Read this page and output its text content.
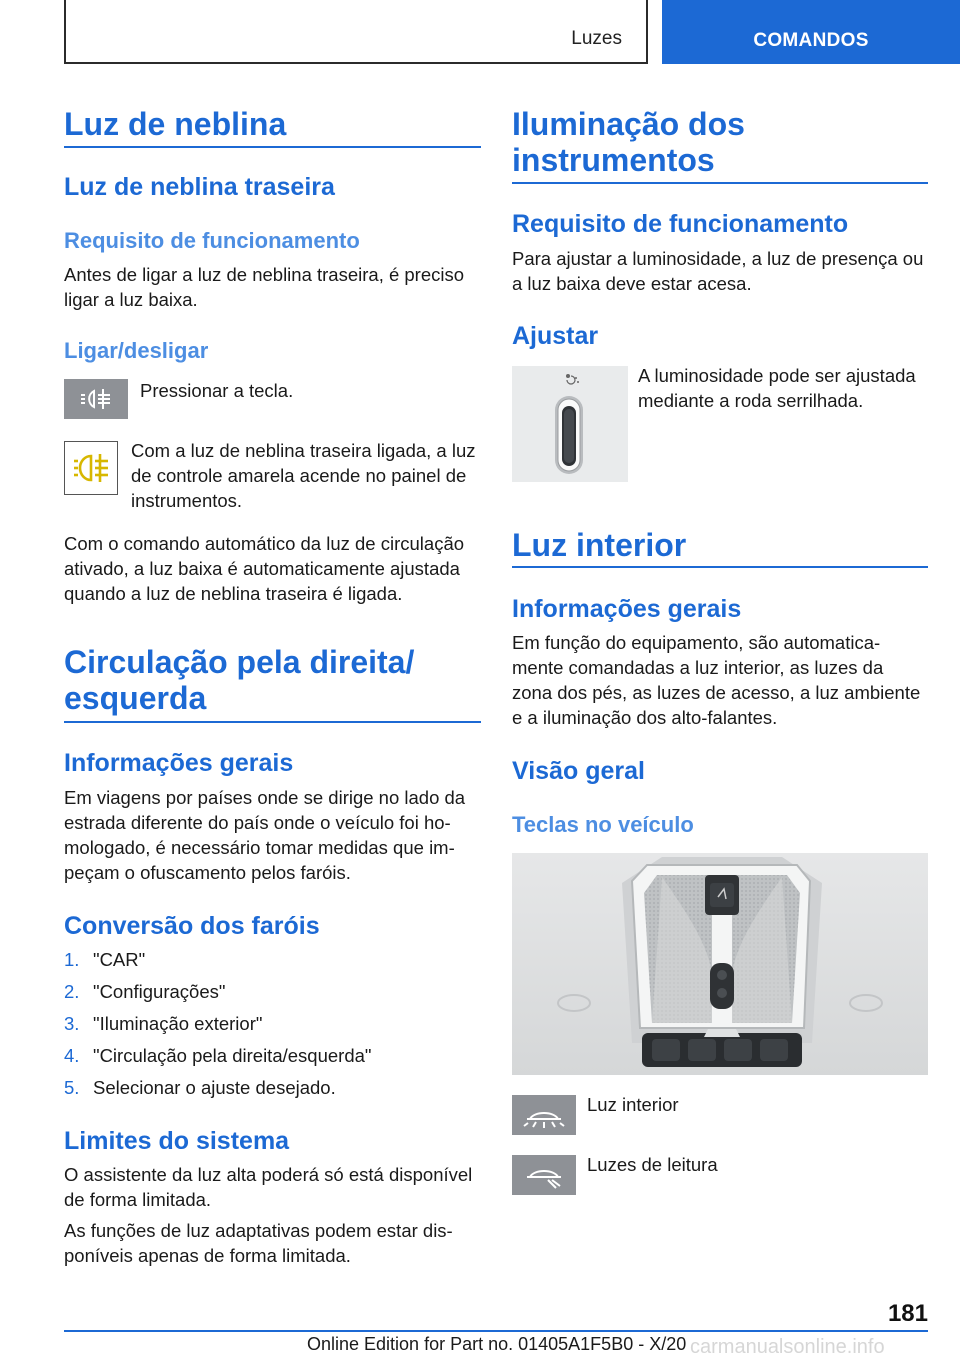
Luzes	COMANDOS
Luz de neblina
Luz de neblina traseira
Requisito de funcionamento
Antes de ligar a luz de neblina traseira, é preciso
ligar a luz baixa.
Ligar/desligar
Pressionar a tecla.
Com a luz de neblina traseira ligada, a luz
de controle amarela acende no painel de
instrumentos.
Com o comando automático da luz de circulação
ativado, a luz baixa é automaticamente ajustada
quando a luz de neblina traseira é ligada.
Circulação pela direita/
esquerda
Informações gerais
Em viagens por países onde se dirige no lado da
estrada diferente do país onde o veículo foi ho-
mologado, é necessário tomar medidas que im-
peçam o ofuscamento pelos faróis.
Conversão dos faróis
1. "CAR"
2. "Configurações"
3. "Iluminação exterior"
4. "Circulação pela direita/esquerda"
5. Selecionar o ajuste desejado.
Limites do sistema
O assistente da luz alta poderá só está disponível
de forma limitada.
As funções de luz adaptativas podem estar dis-
poníveis apenas de forma limitada.
Iluminação dos
instrumentos
Requisito de funcionamento
Para ajustar a luminosidade, a luz de presença ou
a luz baixa deve estar acesa.
Ajustar
A luminosidade pode ser ajustada
mediante a roda serrilhada.
Luz interior
Informações gerais
Em função do equipamento, são automatica-
mente comandadas a luz interior, as luzes da
zona dos pés, as luzes de acesso, a luz ambiente
e a iluminação dos alto-falantes.
Visão geral
Teclas no veículo
Luz interior
Luzes de leitura
181
Online Edition for Part no. 01405A1F5B0 - X/20 carmanualsonline.info
